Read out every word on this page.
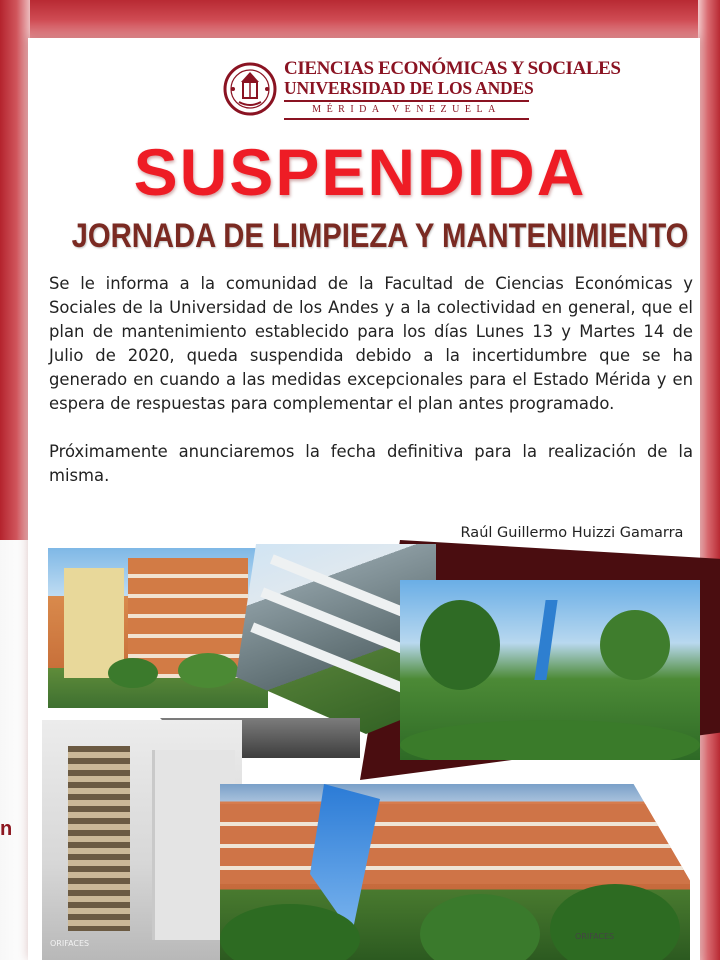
CIENCIAS ECONÓMICAS Y SOCIALES
UNIVERSIDAD DE LOS ANDES
MÉRIDA VENEZUELA
SUSPENDIDA
JORNADA DE LIMPIEZA Y MANTENIMIENTO

Se le informa a la comunidad de la Facultad de Ciencias Económicas y Sociales de la Universidad de los Andes y a la colectividad en general, que el plan de mantenimiento establecido para los días Lunes 13 y Martes 14 de Julio de 2020, queda suspendida debido a la incertidumbre que se ha generado en cuando a las medidas excepcionales para el Estado Mérida y en espera de respuestas para complementar el plan antes programado.

Próximamente anunciaremos la fecha definitiva para la realización de la misma.

Raúl Guillermo Huizzi Gamarra
ORIFACES
ORIFACES
n
